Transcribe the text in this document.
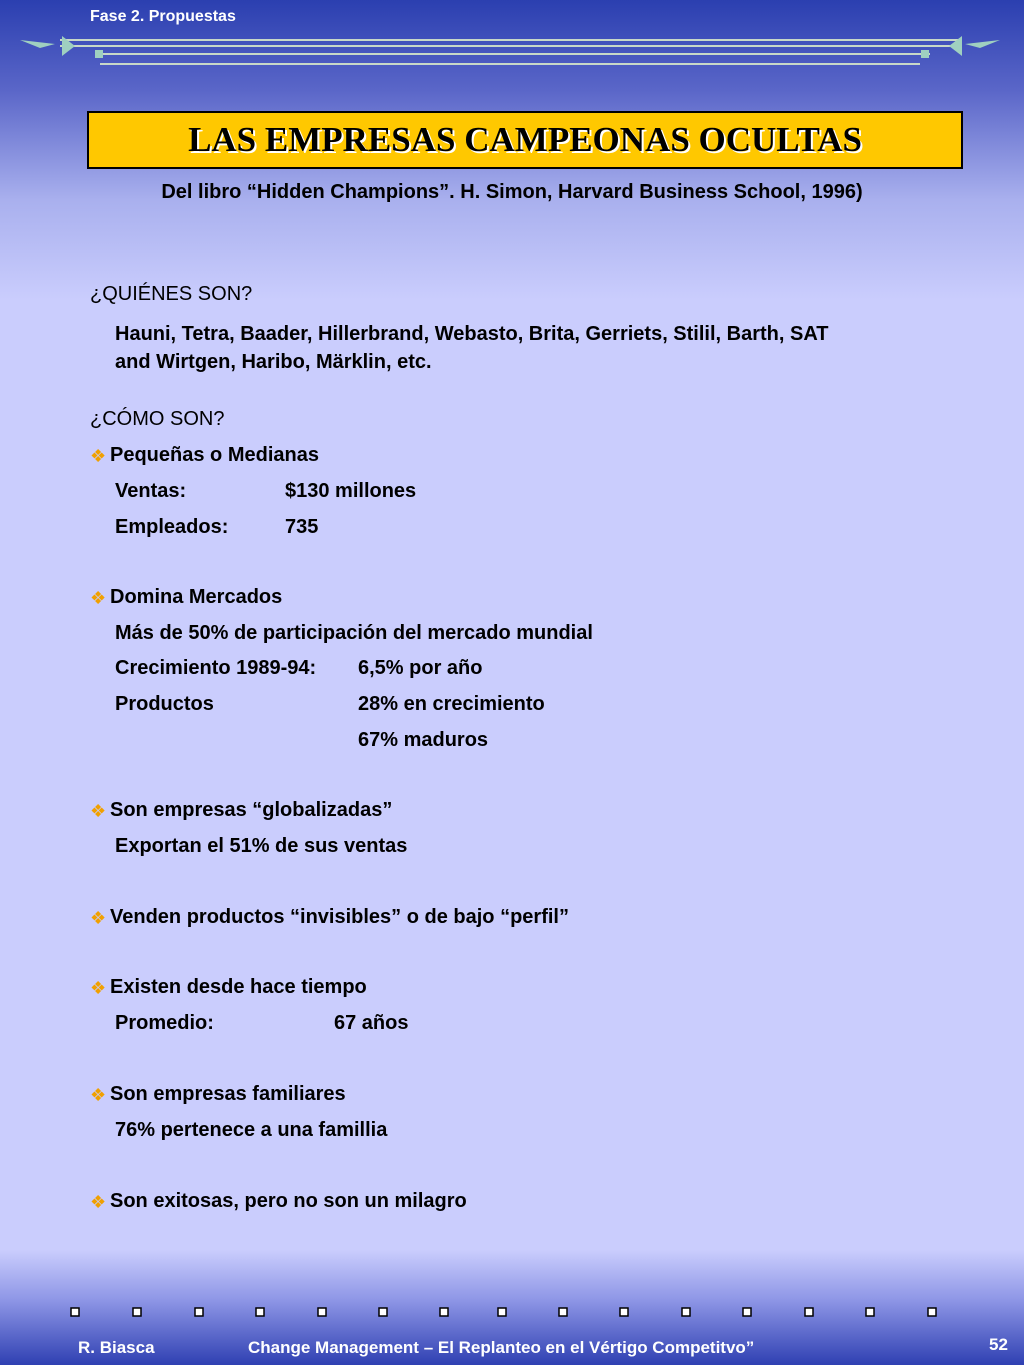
Fase 2. Propuestas
LAS EMPRESAS CAMPEONAS OCULTAS
Del libro “Hidden Champions”. H. Simon, Harvard Business School, 1996)
¿QUIÉNES SON?
Hauni, Tetra, Baader, Hillerbrand, Webasto, Brita, Gerriets, Stilil, Barth, SAT
and Wirtgen, Haribo, Märklin, etc.
¿CÓMO SON?
❖ Pequeñas o Medianas
Ventas:	$130 millones
Empleados:	735
❖ Domina Mercados
Más de 50% de participación del mercado mundial
Crecimiento 1989-94: 6,5% por año
Productos	28% en crecimiento
67% maduros
❖ Son empresas “globalizadas”
Exportan el 51% de sus ventas
❖ Venden productos “invisibles” o de bajo “perfil”
❖ Existen desde hace tiempo
Promedio:	67 años
❖ Son empresas familiares
76% pertenece a una famillia
❖ Son exitosas, pero no son un milagro
R. Biasca	Change Management – El Replanteo en el Vértigo Competitvo”	52
